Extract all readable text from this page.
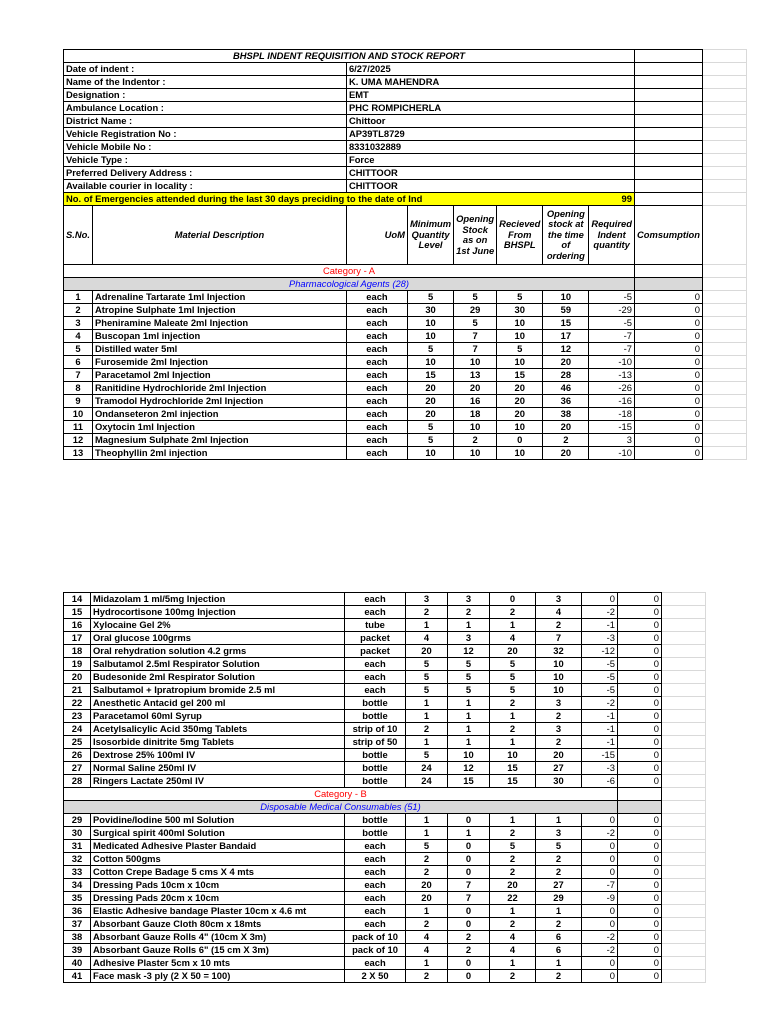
BHSPL INDENT REQUISITION AND STOCK REPORT									
Date of indent :		6/27/2025							
Name of the Indentor :		K. UMA MAHENDRA							
Designation :		EMT							
Ambulance Location :		PHC ROMPICHERLA							
District Name :		Chittoor							
Vehicle Registration No :		AP39TL8729							
Vehicle Mobile No :		8331032889							
Vehicle Type :		Force							
Preferred Delivery Address :		CHITTOOR							
Available courier in locality :		CHITTOOR							
No. of Emergencies attended during the last 30 days preciding to the date of Ind					99				
S.No.	Material Description	UoM	Minimum Quantity Level	Opening Stock as on 1st June	Recieved From BHSPL	Opening stock at the time of ordering	Required Indent quantity	Comsumption	
Category - A									
Pharmacological Agents (28)									
1	Adrenaline Tartarate 1ml Injection	each	5	5	5	10	-5	0	
2	Atropine Sulphate 1ml Injection	each	30	29	30	59	-29	0	
3	Pheniramine Maleate 2ml Injection	each	10	5	10	15	-5	0	
4	Buscopan 1ml injection	each	10	7	10	17	-7	0	
5	Distilled water 5ml	each	5	7	5	12	-7	0	
6	Furosemide 2ml Injection	each	10	10	10	20	-10	0	
7	Paracetamol 2ml Injection	each	15	13	15	28	-13	0	
8	Ranitidine Hydrochloride 2ml Injection	each	20	20	20	46	-26	0	
9	Tramodol Hydrochloride 2ml Injection	each	20	16	20	36	-16	0	
10	Ondanseteron 2ml injection	each	20	18	20	38	-18	0	
11	Oxytocin 1ml Injection	each	5	10	10	20	-15	0	
12	Magnesium Sulphate 2ml Injection	each	5	2	0	2	3	0	
13	Theophyllin 2ml injection	each	10	10	10	20	-10	0	
14	Midazolam 1 ml/5mg Injection	each	3	3	0	3	0	0	
15	Hydrocortisone 100mg Injection	each	2	2	2	4	-2	0	
16	Xylocaine Gel 2%	tube	1	1	1	2	-1	0	
17	Oral glucose 100grms	packet	4	3	4	7	-3	0	
18	Oral rehydration solution 4.2 grms	packet	20	12	20	32	-12	0	
19	Salbutamol 2.5ml Respirator Solution	each	5	5	5	10	-5	0	
20	Budesonide 2ml Respirator Solution	each	5	5	5	10	-5	0	
21	Salbutamol + Ipratropium bromide 2.5 ml	each	5	5	5	10	-5	0	
22	Anesthetic Antacid gel 200 ml	bottle	1	1	2	3	-2	0	
23	Paracetamol 60ml Syrup	bottle	1	1	1	2	-1	0	
24	Acetylsalicylic Acid 350mg Tablets	strip of 10	2	1	2	3	-1	0	
25	Isosorbide dinitrite 5mg Tablets	strip of 50	1	1	1	2	-1	0	
26	Dextrose 25% 100ml IV	bottle	5	10	10	20	-15	0	
27	Normal Saline 250ml IV	bottle	24	12	15	27	-3	0	
28	Ringers Lactate 250ml IV	bottle	24	15	15	30	-6	0	
Category - B									
Disposable Medical Consumables (51)									
29	Povidine/Iodine 500 ml Solution	bottle	1	0	1	1	0	0	
30	Surgical spirit 400ml Solution	bottle	1	1	2	3	-2	0	
31	Medicated Adhesive Plaster Bandaid	each	5	0	5	5	0	0	
32	Cotton 500gms	each	2	0	2	2	0	0	
33	Cotton Crepe Badage 5 cms X 4 mts	each	2	0	2	2	0	0	
34	Dressing Pads 10cm x 10cm	each	20	7	20	27	-7	0	
35	Dressing Pads 20cm x 10cm	each	20	7	22	29	-9	0	
36	Elastic Adhesive bandage Plaster 10cm x 4.6 mt	each	1	0	1	1	0	0	
37	Absorbant Gauze Cloth 80cm x 18mts	each	2	0	2	2	0	0	
38	Absorbant Gauze Rolls 4" (10cm X 3m)	pack of 10	4	2	4	6	-2	0	
39	Absorbant Gauze Rolls 6" (15 cm X 3m)	pack of 10	4	2	4	6	-2	0	
40	Adhesive Plaster 5cm x 10 mts	each	1	0	1	1	0	0	
41	Face mask -3 ply (2 X 50 = 100)	2 X 50	2	0	2	2	0	0	
